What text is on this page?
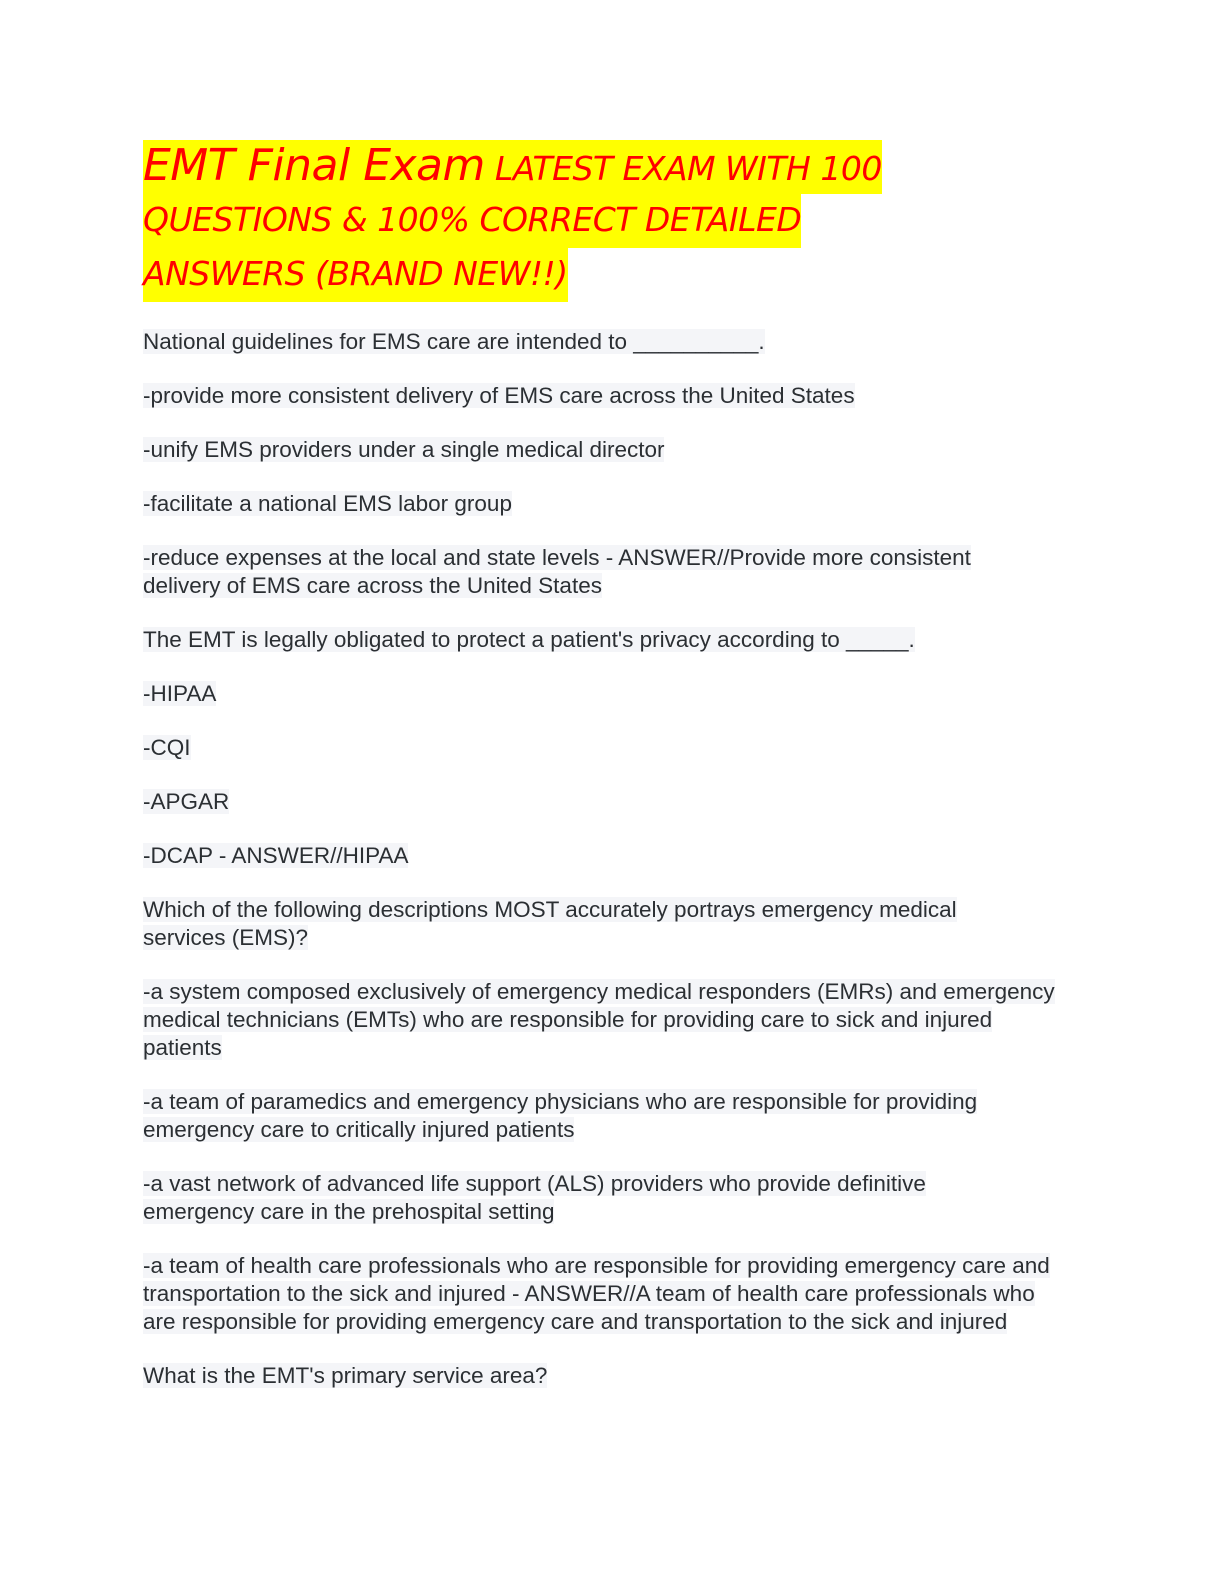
EMT Final Exam LATEST EXAM WITH 100
QUESTIONS & 100% CORRECT DETAILED
ANSWERS (BRAND NEW!!)

National guidelines for EMS care are intended to __________.

-provide more consistent delivery of EMS care across the United States

-unify EMS providers under a single medical director

-facilitate a national EMS labor group

-reduce expenses at the local and state levels - ANSWER//Provide more consistent delivery of EMS care across the United States

The EMT is legally obligated to protect a patient's privacy according to _____.

-HIPAA

-CQI

-APGAR

-DCAP - ANSWER//HIPAA

Which of the following descriptions MOST accurately portrays emergency medical services (EMS)?

-a system composed exclusively of emergency medical responders (EMRs) and emergency medical technicians (EMTs) who are responsible for providing care to sick and injured patients

-a team of paramedics and emergency physicians who are responsible for providing emergency care to critically injured patients

-a vast network of advanced life support (ALS) providers who provide definitive emergency care in the prehospital setting

-a team of health care professionals who are responsible for providing emergency care and transportation to the sick and injured - ANSWER//A team of health care professionals who are responsible for providing emergency care and transportation to the sick and injured

What is the EMT's primary service area?
